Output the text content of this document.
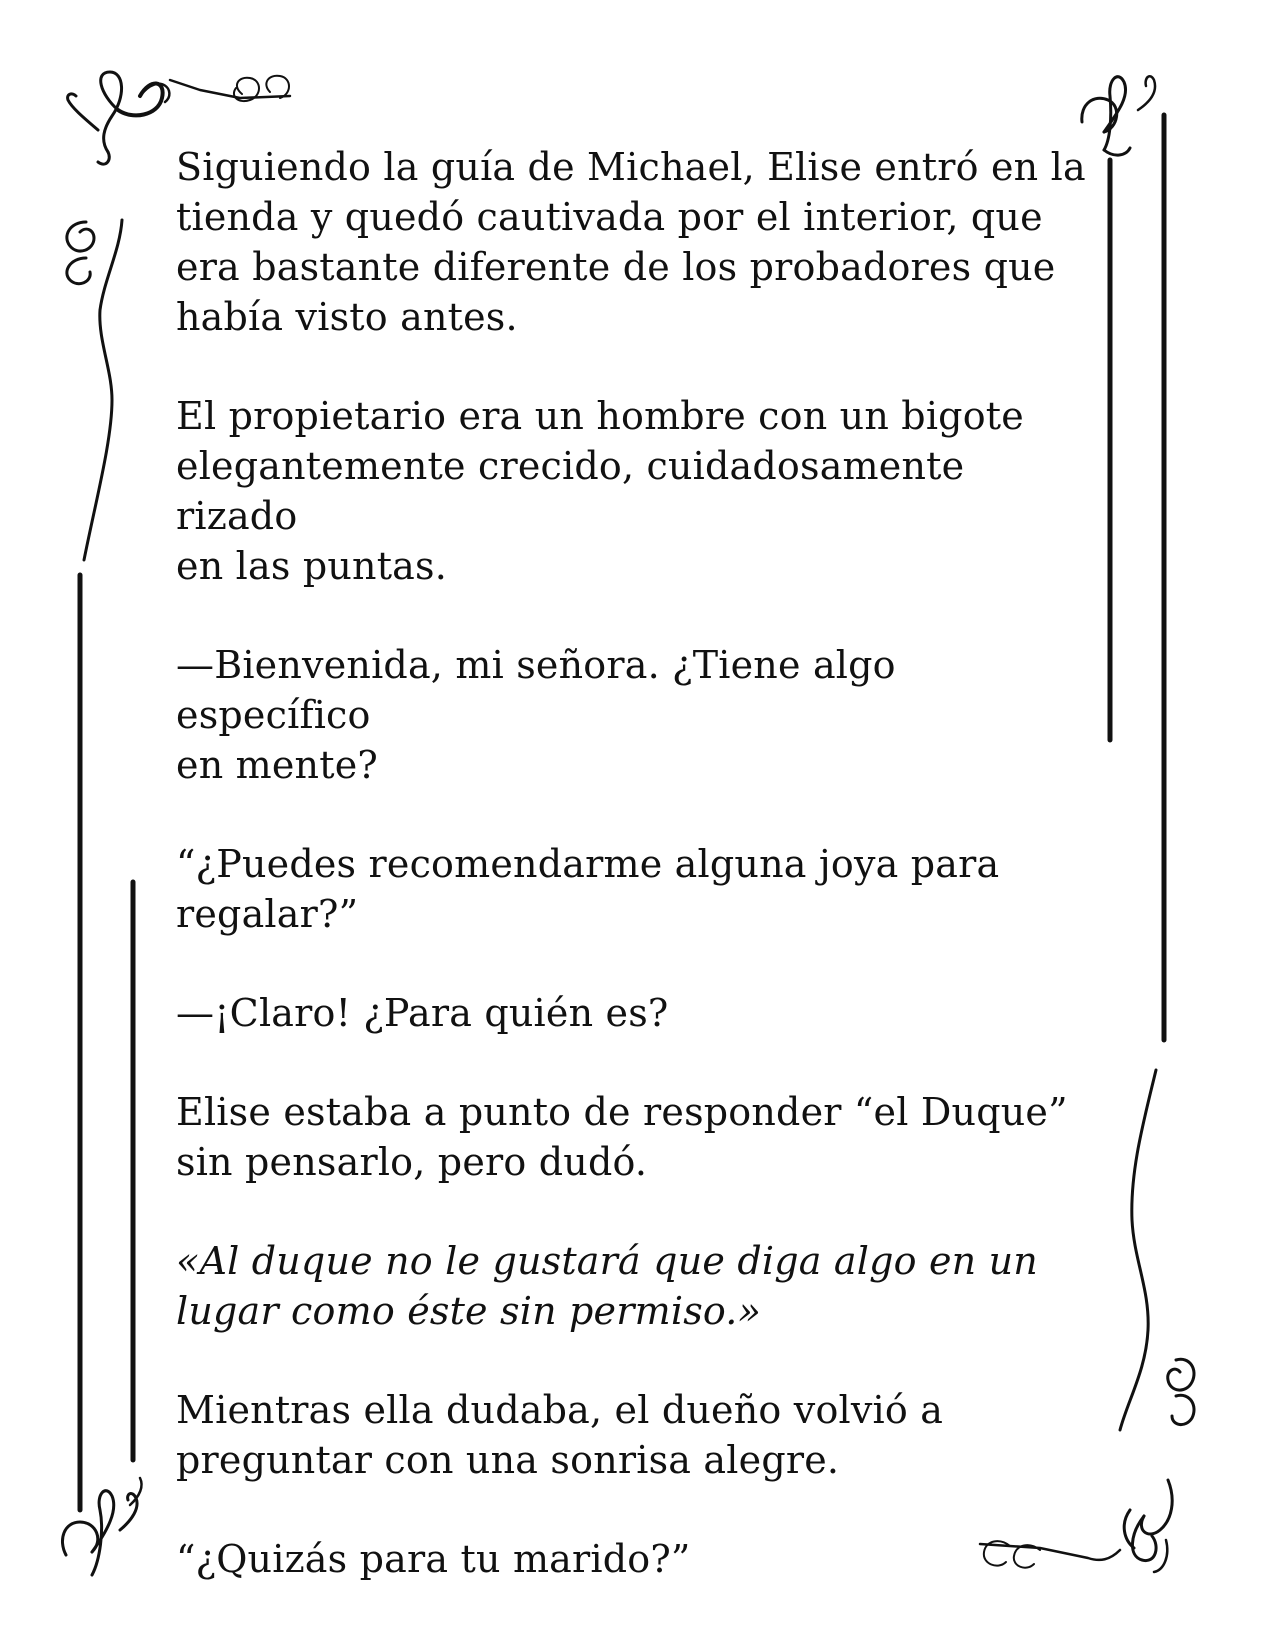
Siguiendo la guía de Michael, Elise entró en la
tienda y quedó cautivada por el interior, que
era bastante diferente de los probadores que
había visto antes.

El propietario era un hombre con un bigote
elegantemente crecido, cuidadosamente rizado
en las puntas.

—Bienvenida, mi señora. ¿Tiene algo específico
en mente?

“¿Puedes recomendarme alguna joya para
regalar?”

—¡Claro! ¿Para quién es?

Elise estaba a punto de responder “el Duque”
sin pensarlo, pero dudó.

«Al duque no le gustará que diga algo en un
lugar como éste sin permiso.»

Mientras ella dudaba, el dueño volvió a
preguntar con una sonrisa alegre.

“¿Quizás para tu marido?”
